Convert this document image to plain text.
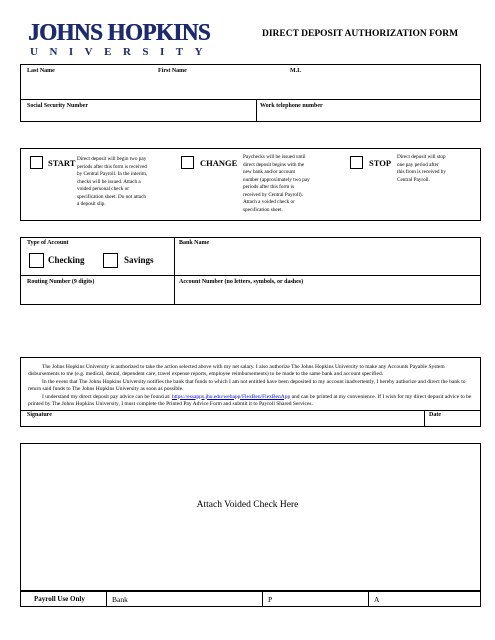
JOHNS HOPKINS
UNIVERSITY
DIRECT DEPOSIT AUTHORIZATION FORM
Last Name	First Name	M.I.
Social Security Number	Work telephone number
START Direct deposit will begin two pay
periods after this form is received
by Central Payroll. In the interim,
checks will be issued. Attach a
voided personal check or
specification sheet. Do not attach
a deposit slip.
CHANGE
Paychecks will be issued until
direct deposit begins with the
new bank and/or account
number (approximately two pay
periods after this form is
received by Central Payroll).
Attach a voided check or
specification sheet.
STOP
Direct deposit will stop
one pay period after
this from is received by
Central Payroll.
Type of Account	Bank Name
Checking	Savings
Routing Number (9 digits)	Account Number (no letters, symbols, or dashes)

The Johns Hopkins University is authorized to take the action selected above with my net salary. I also authorize The Johns Hopkins University to make any Accounts Payable System disbursements to me (e.g. medical, dental, dependent care, travel expense reports, employee reimbursements) to be made to the same bank and account specified.

In the event that The Johns Hopkins University notifies the bank that funds to which I am not entitled have been deposited to my account inadvertently, I hereby authorize and direct the bank to return said funds to The Johns Hopkins University as soon as possible.

I understand my direct deposit pay advice can be found at: https://essapps.jhu.edu/webapp/FlexBen/FlexBenApp and can be printed at my convenience. If I wish for my direct deposit advice to be printed by The Johns Hopkins University, I must complete the Printed Pay Advice Form and submit it to Payroll Shared Services.

Signature	Date
Attach Voided Check Here
Payroll Use Only	Bank	P	A
